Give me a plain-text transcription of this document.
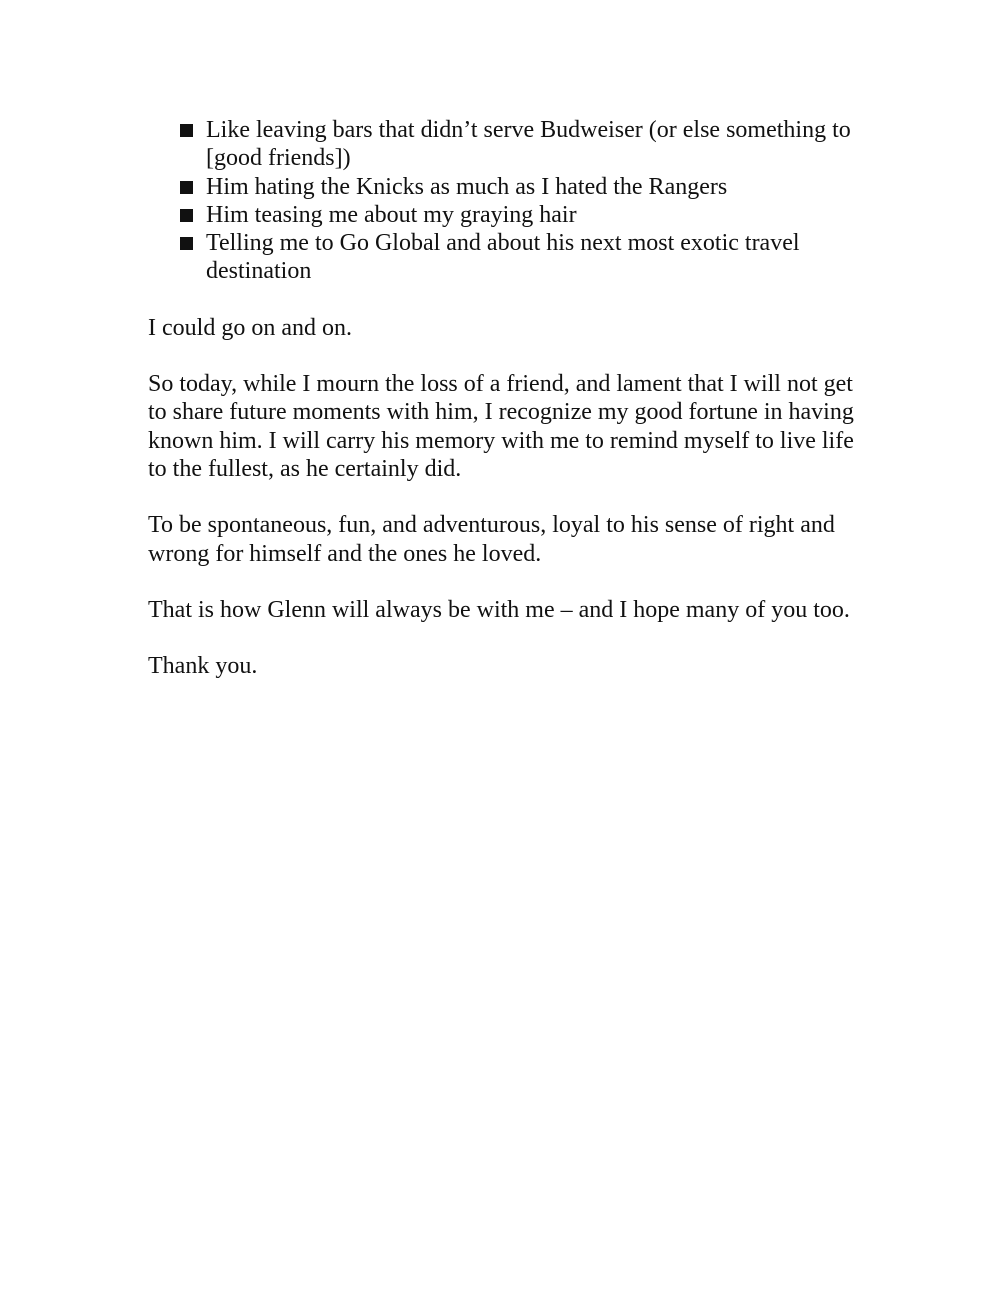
Like leaving bars that didn’t serve Budweiser (or else something to [good friends])
Him hating the Knicks as much as I hated the Rangers
Him teasing me about my graying hair
Telling me to Go Global and about his next most exotic travel destination

I could go on and on.

So today, while I mourn the loss of a friend, and lament that I will not get to share future moments with him, I recognize my good fortune in having known him. I will carry his memory with me to remind myself to live life to the fullest, as he certainly did.

To be spontaneous, fun, and adventurous, loyal to his sense of right and wrong for himself and the ones he loved.

That is how Glenn will always be with me – and I hope many of you too.

Thank you.
